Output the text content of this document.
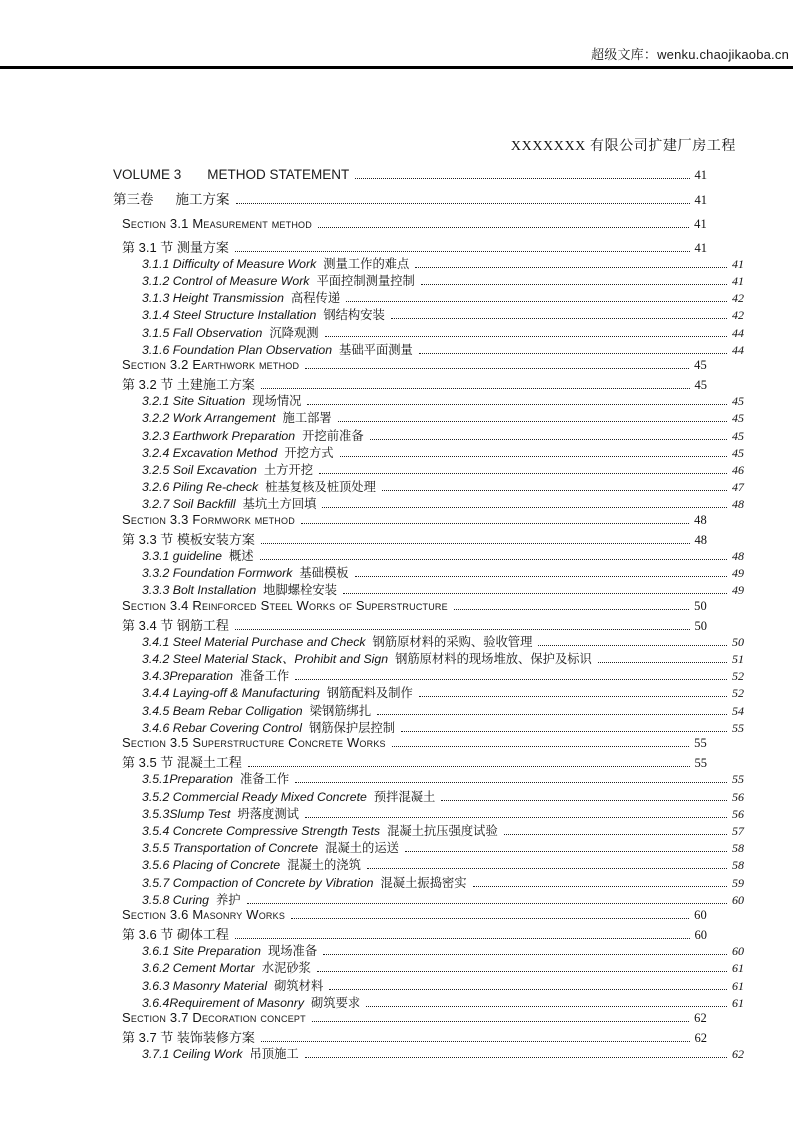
超级文库：wenku.chaojikaoba.cn
XXXXXXX 有限公司扩建厂房工程
VOLUME 3 METHOD STATEMENT	41
第三卷 施工方案	41
Section 3.1 Measurement method	41
第 3.1 节 测量方案	41
3.1.1 Difficulty of Measure Work 测量工作的难点	41
3.1.2 Control of Measure Work 平面控制测量控制	41
3.1.3 Height Transmission 高程传递	42
3.1.4 Steel Structure Installation 钢结构安装	42
3.1.5 Fall Observation 沉降观测	44
3.1.6 Foundation Plan Observation 基础平面测量	44
Section 3.2 Earthwork method	45
第 3.2 节 土建施工方案	45
3.2.1 Site Situation 现场情况	45
3.2.2 Work Arrangement 施工部署	45
3.2.3 Earthwork Preparation 开挖前准备	45
3.2.4 Excavation Method 开挖方式	45
3.2.5 Soil Excavation 土方开挖	46
3.2.6 Piling Re-check 桩基复核及桩顶处理	47
3.2.7 Soil Backfill 基坑土方回填	48
Section 3.3 Formwork method	48
第 3.3 节 模板安装方案	48
3.3.1 guideline 概述	48
3.3.2 Foundation Formwork 基础模板	49
3.3.3 Bolt Installation 地脚螺栓安装	49
Section 3.4 Reinforced Steel Works of Superstructure	50
第 3.4 节 钢筋工程	50
3.4.1 Steel Material Purchase and Check 钢筋原材料的采购、验收管理	50
3.4.2 Steel Material Stack、Prohibit and Sign 钢筋原材料的现场堆放、保护及标识	51
3.4.3Preparation 准备工作	52
3.4.4 Laying-off & Manufacturing 钢筋配料及制作	52
3.4.5 Beam Rebar Colligation 梁钢筋绑扎	54
3.4.6 Rebar Covering Control 钢筋保护层控制	55
Section 3.5 Superstructure Concrete Works	55
第 3.5 节 混凝土工程	55
3.5.1Preparation 准备工作	55
3.5.2 Commercial Ready Mixed Concrete 预拌混凝土	56
3.5.3Slump Test 坍落度测试	56
3.5.4 Concrete Compressive Strength Tests 混凝土抗压强度试验	57
3.5.5 Transportation of Concrete 混凝土的运送	58
3.5.6 Placing of Concrete 混凝土的浇筑	58
3.5.7 Compaction of Concrete by Vibration 混凝土振捣密实	59
3.5.8 Curing 养护	60
Section 3.6 Masonry Works	60
第 3.6 节 砌体工程	60
3.6.1 Site Preparation 现场准备	60
3.6.2 Cement Mortar 水泥砂浆	61
3.6.3 Masonry Material 砌筑材料	61
3.6.4Requirement of Masonry 砌筑要求	61
Section 3.7 Decoration concept	62
第 3.7 节 装饰装修方案	62
3.7.1 Ceiling Work 吊顶施工	62
